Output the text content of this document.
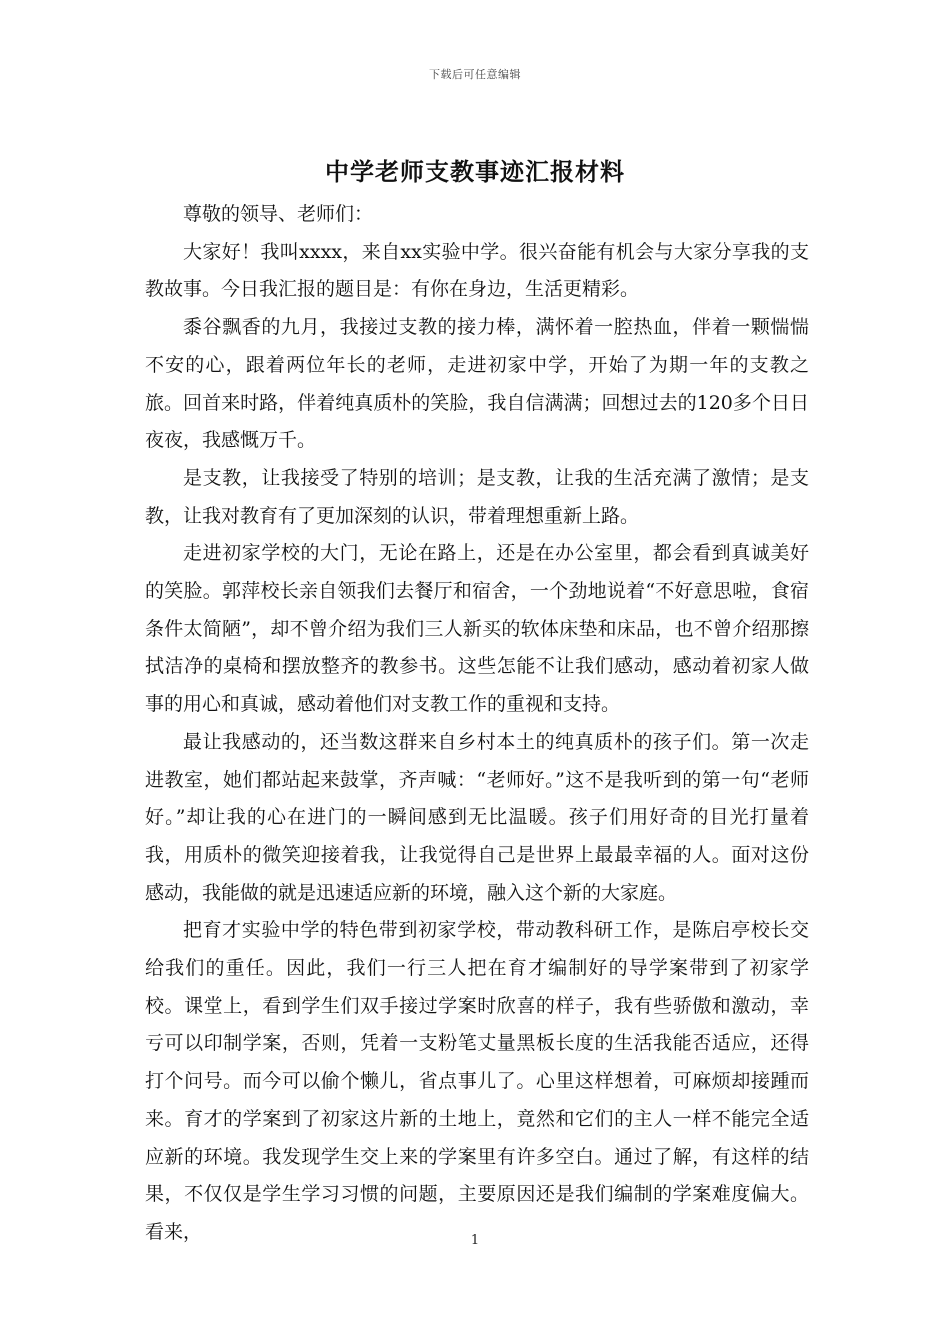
下载后可任意编辑
中学老师支教事迹汇报材料

尊敬的领导、老师们：

大家好！我叫xxxx，来自xx实验中学。很兴奋能有机会与大家分享我的支教故事。今日我汇报的题目是：有你在身边，生活更精彩。

黍谷飘香的九月，我接过支教的接力棒，满怀着一腔热血，伴着一颗惴惴不安的心，跟着两位年长的老师，走进初家中学，开始了为期一年的支教之旅。回首来时路，伴着纯真质朴的笑脸，我自信满满；回想过去的120多个日日夜夜，我感慨万千。

是支教，让我接受了特别的培训；是支教，让我的生活充满了激情；是支教，让我对教育有了更加深刻的认识，带着理想重新上路。

走进初家学校的大门，无论在路上，还是在办公室里，都会看到真诚美好的笑脸。郭萍校长亲自领我们去餐厅和宿舍，一个劲地说着“不好意思啦，食宿条件太简陋”，却不曾介绍为我们三人新买的软体床垫和床品，也不曾介绍那擦拭洁净的桌椅和摆放整齐的教参书。这些怎能不让我们感动，感动着初家人做事的用心和真诚，感动着他们对支教工作的重视和支持。

最让我感动的，还当数这群来自乡村本土的纯真质朴的孩子们。第一次走进教室，她们都站起来鼓掌，齐声喊：“老师好。”这不是我听到的第一句“老师好。”却让我的心在进门的一瞬间感到无比温暖。孩子们用好奇的目光打量着我，用质朴的微笑迎接着我，让我觉得自己是世界上最最幸福的人。面对这份感动，我能做的就是迅速适应新的环境，融入这个新的大家庭。

把育才实验中学的特色带到初家学校，带动教科研工作，是陈启亭校长交给我们的重任。因此，我们一行三人把在育才编制好的导学案带到了初家学校。课堂上，看到学生们双手接过学案时欣喜的样子，我有些骄傲和激动，幸亏可以印制学案，否则，凭着一支粉笔丈量黑板长度的生活我能否适应，还得打个问号。而今可以偷个懒儿，省点事儿了。心里这样想着，可麻烦却接踵而来。育才的学案到了初家这片新的土地上，竟然和它们的主人一样不能完全适应新的环境。我发现学生交上来的学案里有许多空白。通过了解，有这样的结果，不仅仅是学生学习习惯的问题，主要原因还是我们编制的学案难度偏大。看来，	1
